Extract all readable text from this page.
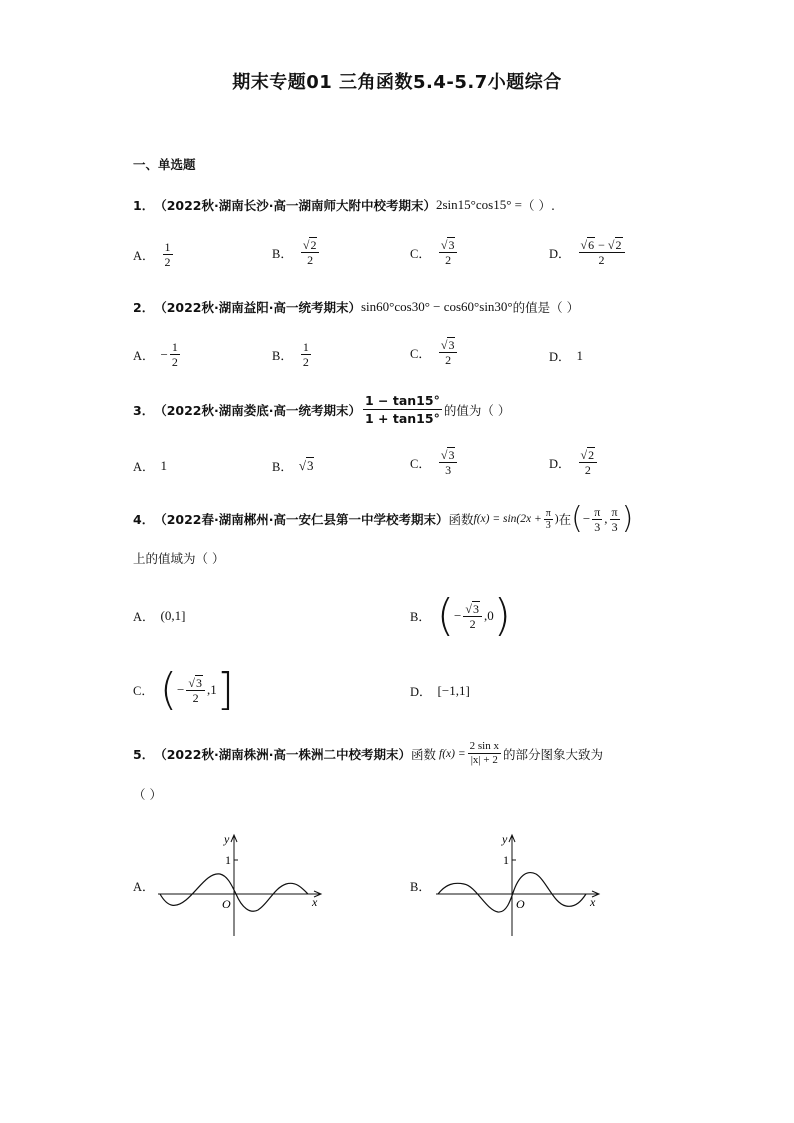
期末专题01 三角函数5.4-5.7小题综合
一、单选题
1． （2022秋·湖南长沙·高一湖南师大附中校考期末） 2sin15°cos15° = （ ）.
A． $\frac{1}{2}$	B． $\frac{√2}{2}$	C． $\frac{√3}{2}$	D． $\frac{√6 - √2}{2}$
2． （2022秋·湖南益阳·高一统考期末） sin60°cos30° − cos60°sin30° 的值是（ ）
A． − $\frac{1}{2}$	B． $\frac{1}{2}$	C． $\frac{√3}{2}$	D． 1
3． （2022秋·湖南娄底·高一统考期末） $\frac{1 - \tan 15^\circ}{1 + \tan 15^\circ}$ 的值为（ ）
A． 1	B． √3	C． $\frac{√3}{3}$	D． $\frac{√2}{2}$
4． （2022春·湖南郴州·高一安仁县第一中学校考期末） 函数 $f(x) = \sin(2x + \frac{\pi}{3}$ ) 在 ( − $\frac{\pi}{3}$ , $\frac{\pi}{3}$ )
上的值域为（ ）
A． (0,1]	B． ( − $\frac{√3}{2} ,0$ )
C． ( − $\frac{√3}{2} ,1$ ]	D． [−1,1]
5． （2022秋·湖南株洲·高一株洲二中校考期末） 函数 $f(x) = \frac{\text{2 sin x}}{|x| + 2}$ 的部分图象大致为
（ ）
A．
y
1
O	x
B．
y
1
O	x
